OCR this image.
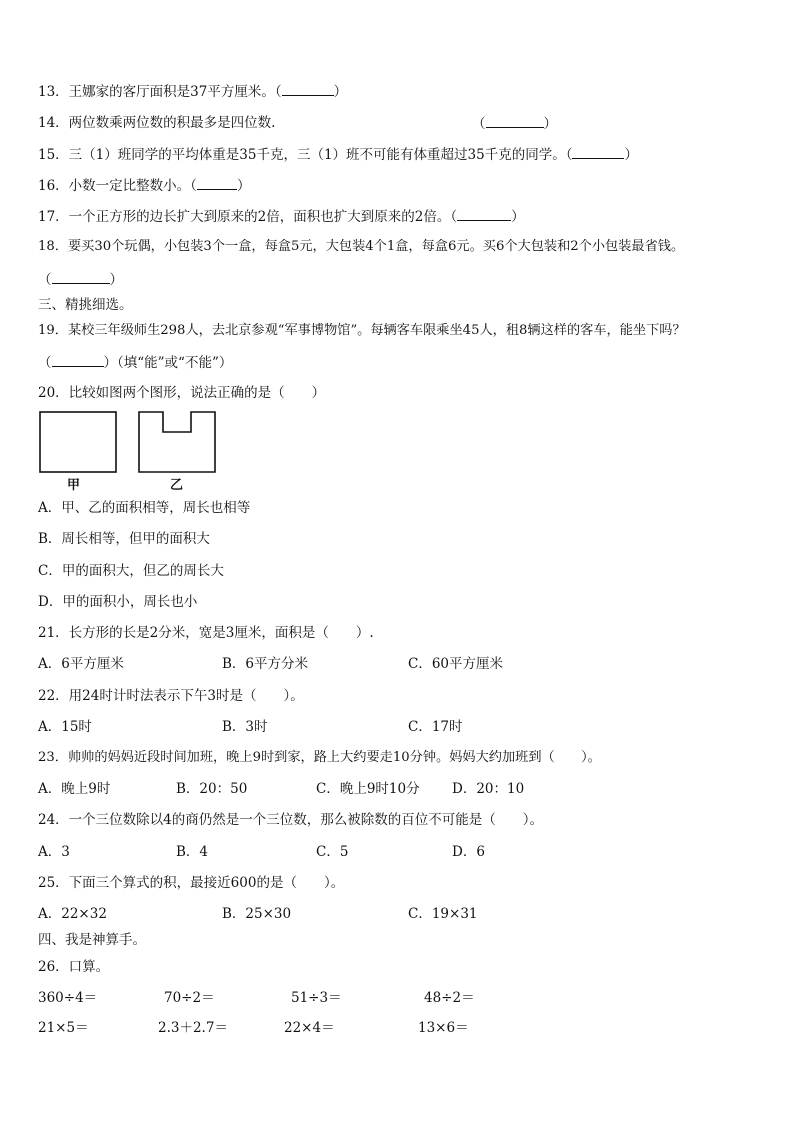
13．王娜家的客厅面积是37平方厘米。（	）
14．两位数乘两位数的积最多是四位数.	（	）
15．三（1）班同学的平均体重是35千克，三（1）班不可能有体重超过35千克的同学。（	）
16．小数一定比整数小。（	）
17．一个正方形的边长扩大到原来的2倍，面积也扩大到原来的2倍。（	）
18．要买30个玩偶，小包装3个一盒，每盒5元，大包装4个1盒，每盒6元。买6个大包装和2个小包装最省钱。
（	）
三、精挑细选。
19．某校三年级师生298人，去北京参观“军事博物馆”。每辆客车限乘坐45人，租8辆这样的客车，能坐下吗？
（	）（填“能”或“不能”）
20．比较如图两个图形，说法正确的是（　　）
甲	乙
A．甲、乙的面积相等，周长也相等
B．周长相等，但甲的面积大
C．甲的面积大，但乙的周长大
D．甲的面积小，周长也小
21．长方形的长是2分米，宽是3厘米，面积是（　　）.
A．6平方厘米	B．6平方分米	C．60平方厘米
22．用24时计时法表示下午3时是（　　）。
A．15时	B．3时	C．17时
23．帅帅的妈妈近段时间加班，晚上9时到家，路上大约要走10分钟。妈妈大约加班到（　　）。
A．晚上9时	B．20：50	C．晚上9时10分 D．20：10
24．一个三位数除以4的商仍然是一个三位数，那么被除数的百位不可能是（　　）。
A．3	B．4	C．5	D．6
25．下面三个算式的积，最接近600的是（　　）。
A．22×32	B．25×30	C．19×31
四、我是神算手。
26．口算。
360÷4＝	70÷2＝	51÷3＝	48÷2＝
21×5＝	2.3＋2.7＝	22×4＝	13×6＝
